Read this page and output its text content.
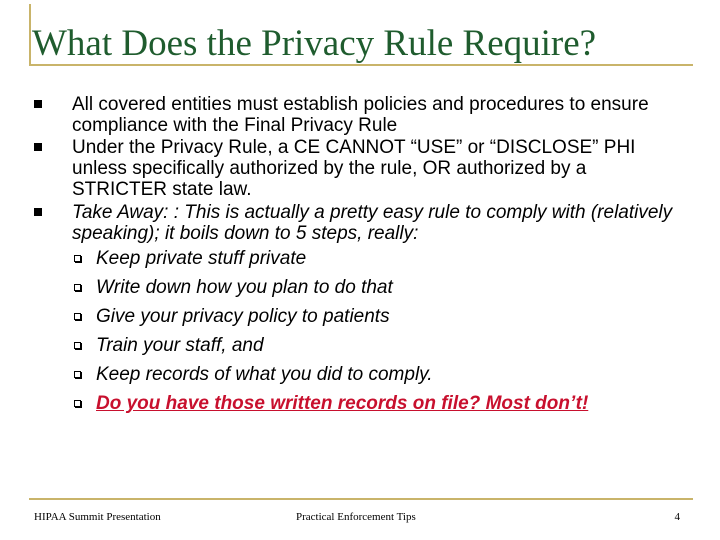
What Does the Privacy Rule Require?
All covered entities must establish policies and procedures to ensure compliance with the Final Privacy Rule
Under the Privacy Rule, a CE CANNOT “USE” or “DISCLOSE” PHI unless specifically authorized by the rule, OR authorized by a STRICTER state law.
Take Away: : This is actually a pretty easy rule to comply with (relatively speaking); it boils down to 5 steps, really:
Keep private stuff private
Write down how you plan to do that
Give your privacy policy to patients
Train your staff, and
Keep records of what you did to comply.
Do you have those written records on file? Most don’t!
HIPAA Summit Presentation	Practical Enforcement Tips	4
